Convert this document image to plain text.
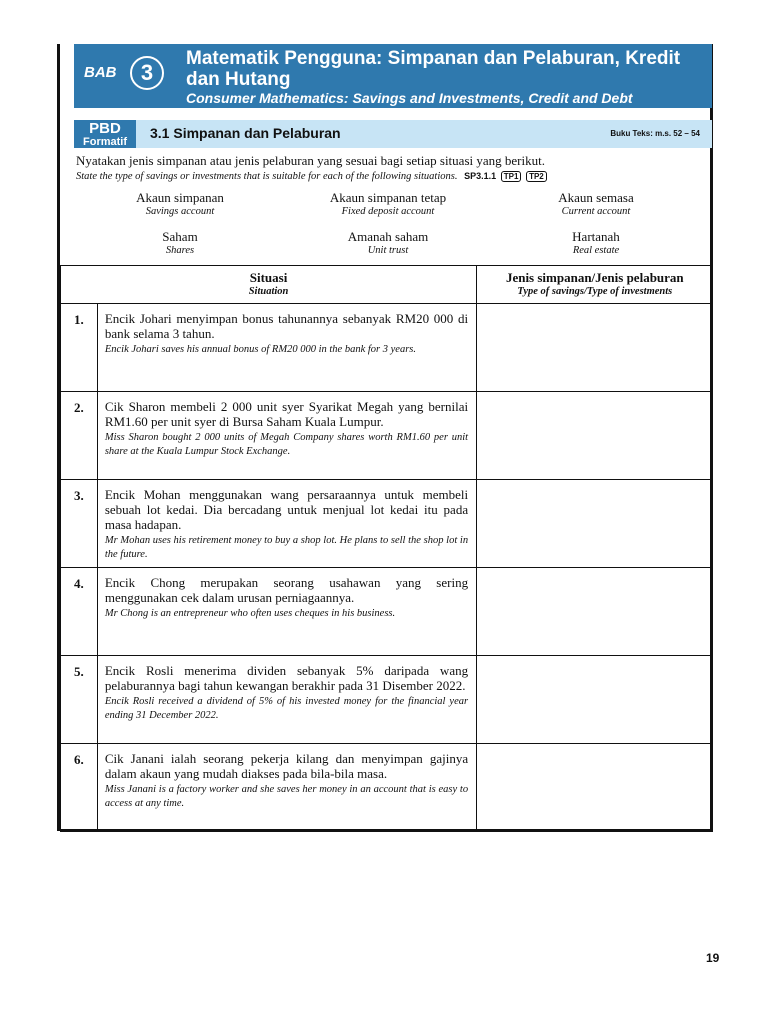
BAB	3
Matematik Pengguna: Simpanan dan Pelaburan, Kredit dan Hutang
Consumer Mathematics: Savings and Investments, Credit and Debt
PBD
Formatif
3.1 Simpanan dan Pelaburan	Buku Teks: m.s. 52 – 54
Nyatakan jenis simpanan atau jenis pelaburan yang sesuai bagi setiap situasi yang berikut.
State the type of savings or investments that is suitable for each of the following situations. SP3.1.1 TP1 TP2
Akaun simpanan
Savings account
Akaun simpanan tetap
Fixed deposit account
Akaun semasa
Current account
Saham
Shares
Amanah saham
Unit trust
Hartanah
Real estate
Situasi
Situation		Jenis simpanan/Jenis pelaburan
Type of savings/Type of investments

1.	Encik Johari menyimpan bonus tahunannya sebanyak RM20 000 di bank selama 3 tahun.
Encik Johari saves his annual bonus of RM20 000 in the bank for 3 years.	

2.	Cik Sharon membeli 2 000 unit syer Syarikat Megah yang bernilai RM1.60 per unit syer di Bursa Saham Kuala Lumpur.
Miss Sharon bought 2 000 units of Megah Company shares worth RM1.60 per unit share at the Kuala Lumpur Stock Exchange.	

3.	Encik Mohan menggunakan wang persaraannya untuk membeli sebuah lot kedai. Dia bercadang untuk menjual lot kedai itu pada masa hadapan.
Mr Mohan uses his retirement money to buy a shop lot. He plans to sell the shop lot in the future.	

4.	Encik Chong merupakan seorang usahawan yang sering menggunakan cek dalam urusan perniagaannya.
Mr Chong is an entrepreneur who often uses cheques in his business.	

5.	Encik Rosli menerima dividen sebanyak 5% daripada wang pelaburannya bagi tahun kewangan berakhir pada 31 Disember 2022.
Encik Rosli received a dividend of 5% of his invested money for the financial year ending 31 December 2022.	

6.	Cik Janani ialah seorang pekerja kilang dan menyimpan gajinya dalam akaun yang mudah diakses pada bila-bila masa.
Miss Janani is a factory worker and she saves her money in an account that is easy to access at any time.	

19
